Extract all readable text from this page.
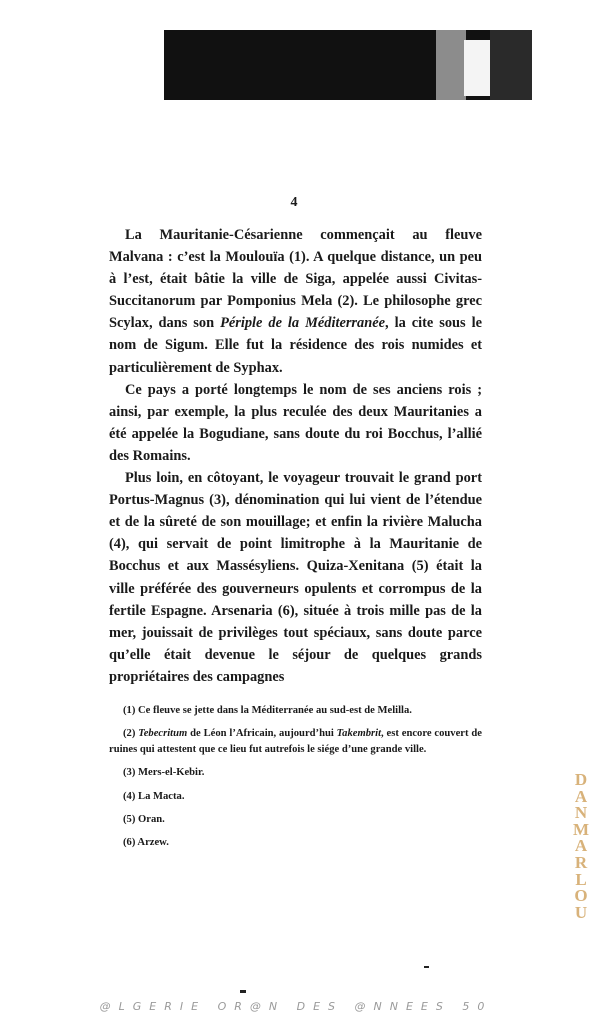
4

La Mauritanie-Césarienne commençait au fleuve Malvana : c’est la Moulouïa (1). A quelque distance, un peu à l’est, était bâtie la ville de Siga, appelée aussi Civitas-Succitanorum par Pomponius Mela (2). Le philosophe grec Scylax, dans son Périple de la Méditerranée, la cite sous le nom de Sigum. Elle fut la résidence des rois numides et particulièrement de Syphax.

Ce pays a porté longtemps le nom de ses anciens rois ; ainsi, par exemple, la plus reculée des deux Mauritanies a été appelée la Bogudiane, sans doute du roi Bocchus, l’allié des Romains.

Plus loin, en côtoyant, le voyageur trouvait le grand port Portus-Magnus (3), dénomination qui lui vient de l’étendue et de la sûreté de son mouillage; et enfin la rivière Malucha (4), qui servait de point limitrophe à la Mauritanie de Bocchus et aux Massésyliens. Quiza-Xenitana (5) était la ville préférée des gouverneurs opulents et corrompus de la fertile Espagne. Arsenaria (6), située à trois mille pas de la mer, jouissait de privilèges tout spéciaux, sans doute parce qu’elle était devenue le séjour de quelques grands propriétaires des campagnes

(1) Ce fleuve se jette dans la Méditerranée au sud-est de Melilla.

(2) Tebecritum de Léon l’Africain, aujourd’hui Takembrit, est encore couvert de ruines qui attestent que ce lieu fut autrefois le siége d’une grande ville.

(3) Mers-el-Kebir.

(4) La Macta.

(5) Oran.

(6) Arzew.

D
A
N
M
A
R
L
O
U
@LGERIE OR@N DES @NNEES 50
